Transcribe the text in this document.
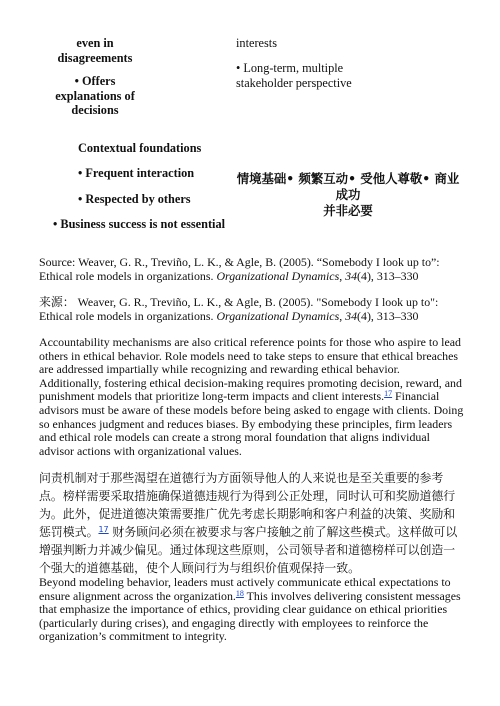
even in
disagreements
• Offers
explanations of
decisions
Contextual foundations
• Frequent interaction
• Respected by others
• Business success is not essential
interests
• Long-term, multiple
stakeholder perspective
情境基础• 频繁互动• 受他人尊敬• 商业成功
并非必要
Source: Weaver, G. R., Treviño, L. K., & Agle, B. (2005). “Somebody I look up to”: Ethical role models in organizations. Organizational Dynamics, 34(4), 313–330
来源： Weaver, G. R., Treviño, L. K., & Agle, B. (2005). "Somebody I look up to": Ethical role models in organizations. Organizational Dynamics, 34(4), 313–330
Accountability mechanisms are also critical reference points for those who aspire to lead others in ethical behavior. Role models need to take steps to ensure that ethical breaches are addressed impartially while recognizing and rewarding ethical behavior. Additionally, fostering ethical decision-making requires promoting decision, reward, and punishment models that prioritize long-term impacts and client interests.$^{17}$ Financial advisors must be aware of these models before being asked to engage with clients. Doing so enhances judgment and reduces biases. By embodying these principles, firm leaders and ethical role models can create a strong moral foundation that aligns individual advisor actions with organizational values.
问责机制对于那些渴望在道德行为方面领导他人的人来说也是至关重要的参考点。榜样需要采取措施确保道德违规行为得到公正处理，同时认可和奖励道德行为。此外，促进道德决策需要推广优先考虑长期影响和客户利益的决策、奖励和惩罚模式。$^{17}$ 财务顾问必须在被要求与客户接触之前了解这些模式。这样做可以增强判断力并减少偏见。通过体现这些原则，公司领导者和道德榜样可以创造一个强大的道德基础，使个人顾问行为与组织价值观保持一致。
Beyond modeling behavior, leaders must actively communicate ethical expectations to ensure alignment across the organization.$^{18}$ This involves delivering consistent messages that emphasize the importance of ethics, providing clear guidance on ethical priorities (particularly during crises), and engaging directly with employees to reinforce the organization’s commitment to integrity.
